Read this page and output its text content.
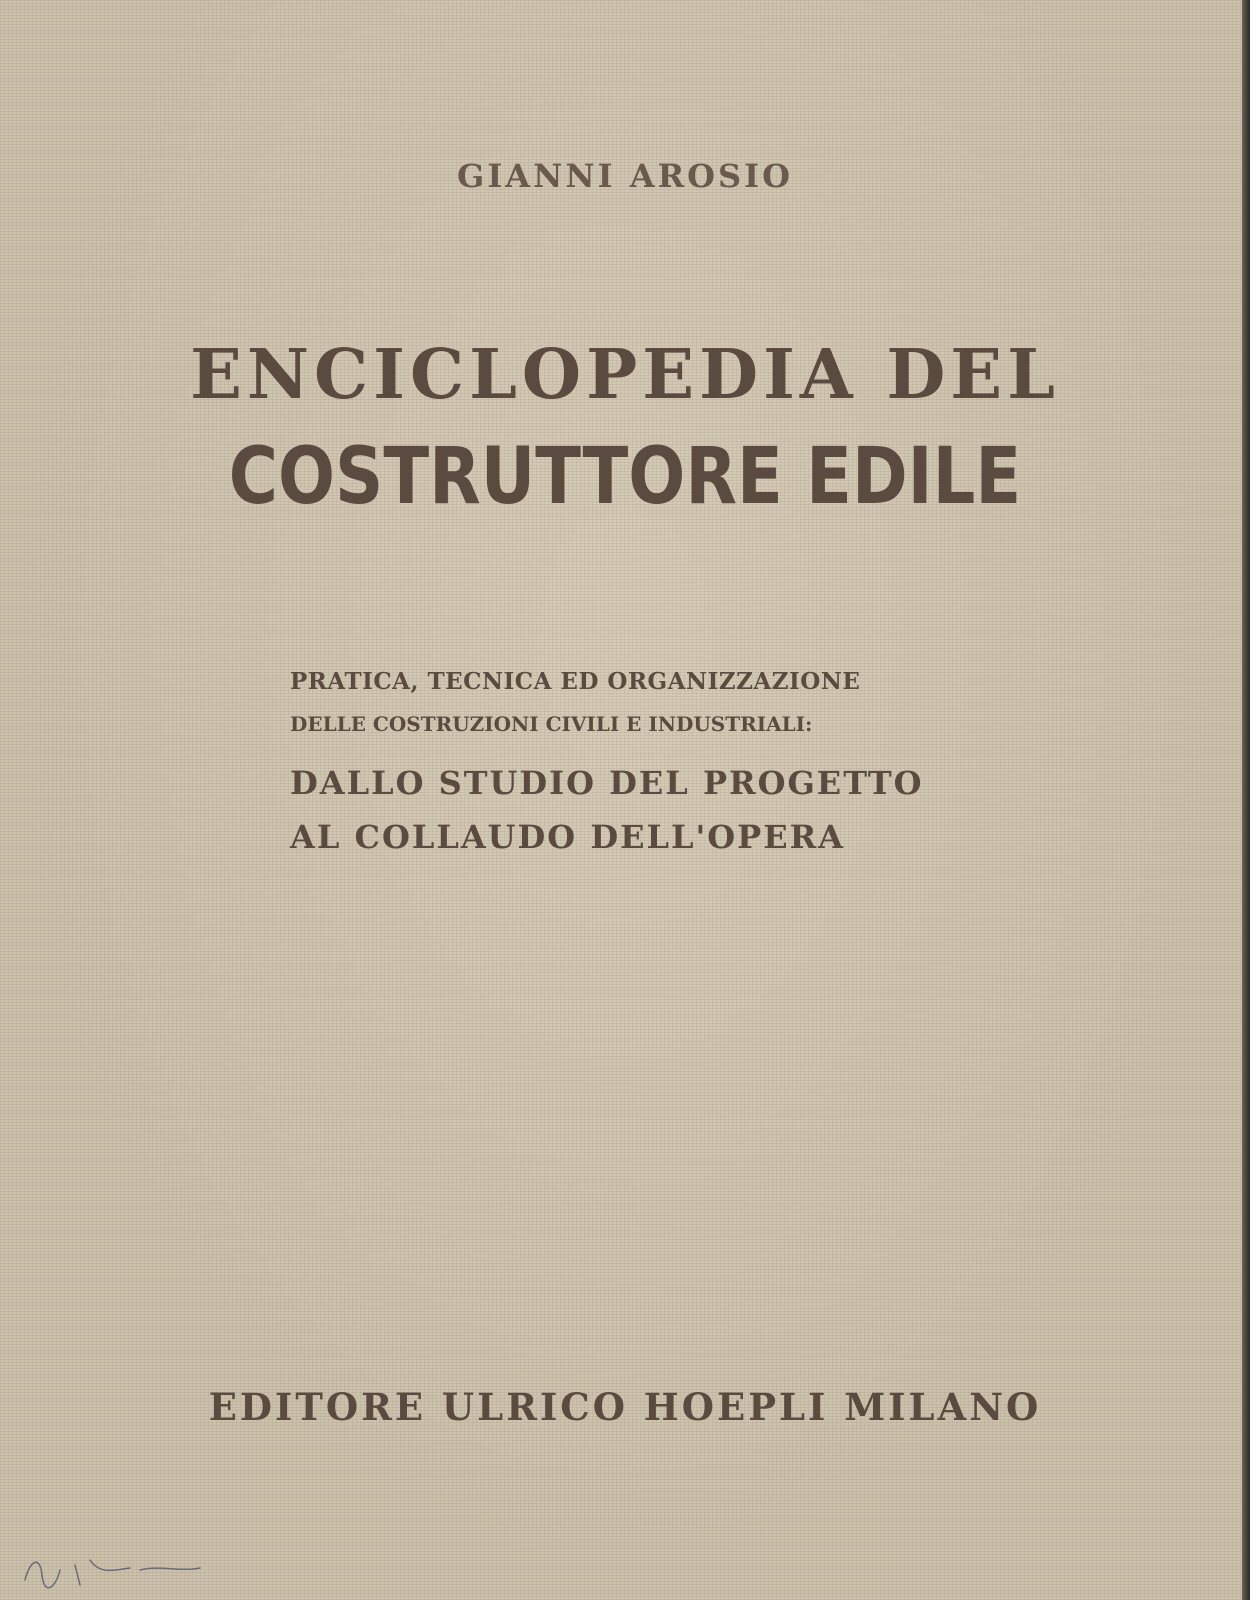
GIANNI AROSIO
ENCICLOPEDIA DEL
COSTRUTTORE EDILE
PRATICA, TECNICA ED ORGANIZZAZIONE
DELLE COSTRUZIONI CIVILI E INDUSTRIALI:
DALLO STUDIO DEL PROGETTO
AL COLLAUDO DELL'OPERA
EDITORE ULRICO HOEPLI MILANO
